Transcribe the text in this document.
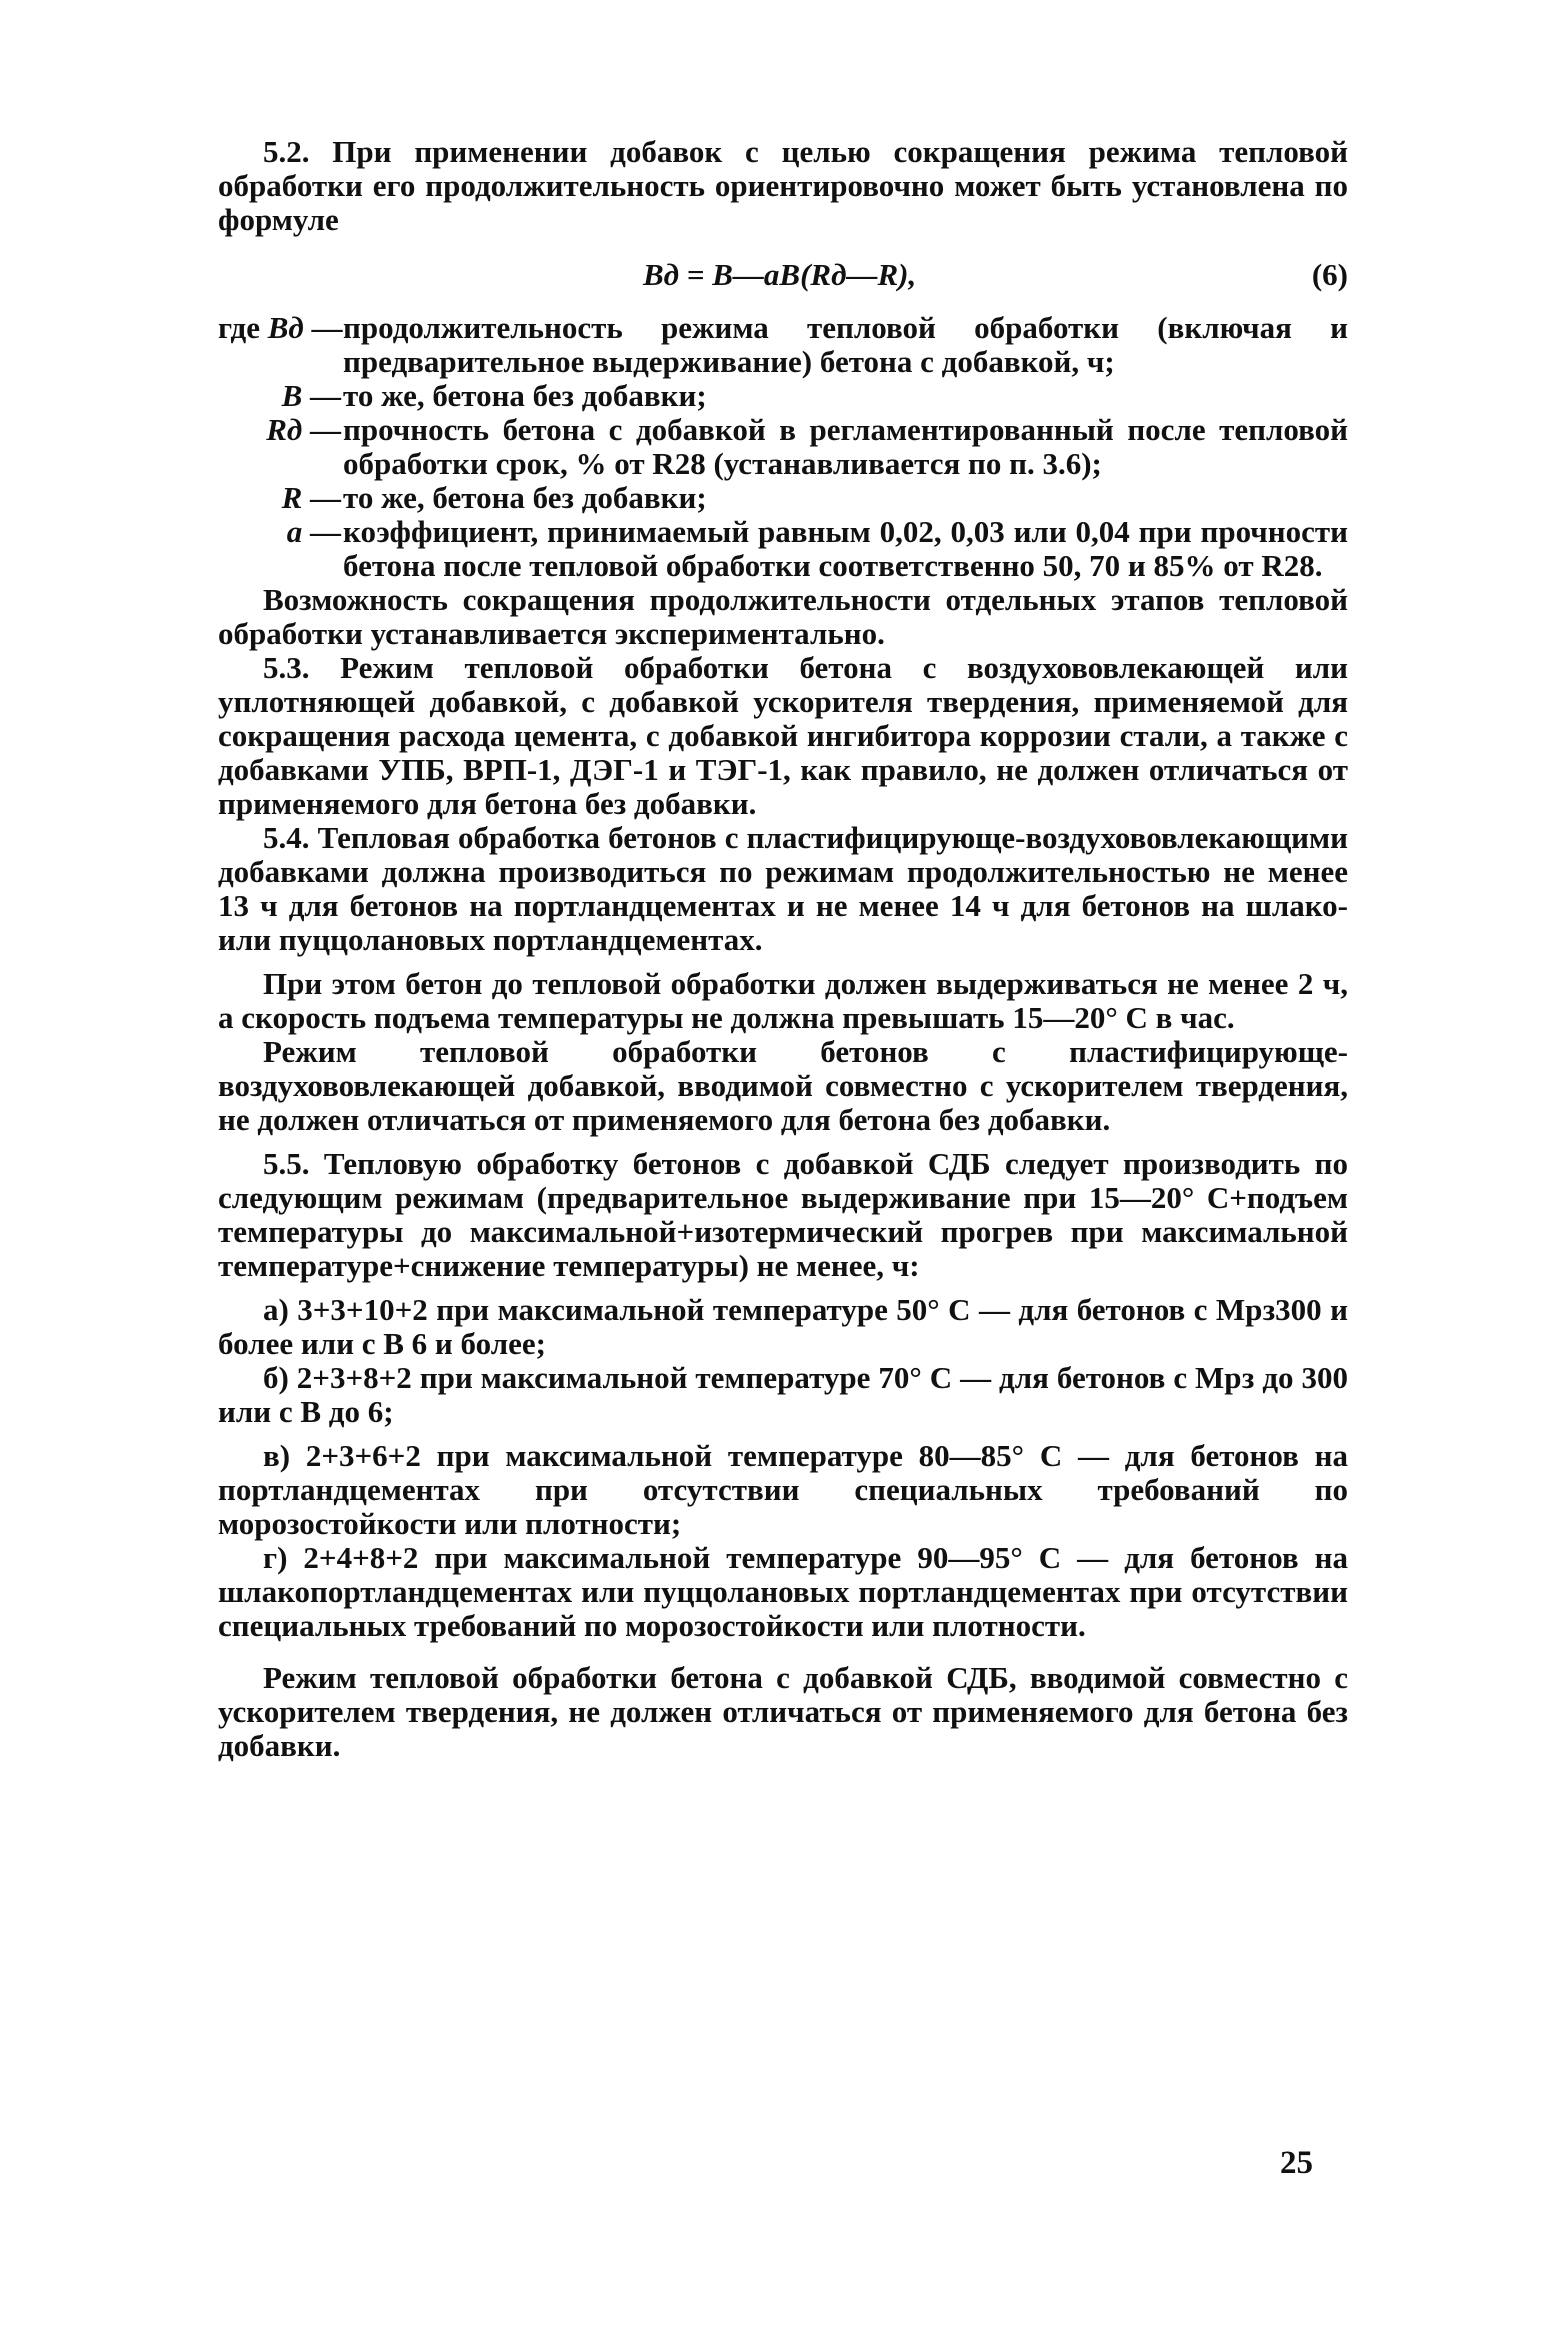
5.2. При применении добавок с целью сокращения режима тепловой обработки его продолжительность ориентировочно может быть установлена по формуле

Bд = B—aB(Rд—R),	(6)

где Bд — продолжительность режима тепловой обработки (включая и предварительное выдерживание) бетона с добавкой, ч;

B — то же, бетона без добавки;

Rд — прочность бетона с добавкой в регламентированный после тепловой обработки срок, % от R28 (устанавливается по п. 3.6);

R — то же, бетона без добавки;

a — коэффициент, принимаемый равным 0,02, 0,03 или 0,04 при прочности бетона после тепловой обработки соответственно 50, 70 и 85% от R28.

Возможность сокращения продолжительности отдельных этапов тепловой обработки устанавливается экспериментально.

5.3. Режим тепловой обработки бетона с воздухововлекающей или уплотняющей добавкой, с добавкой ускорителя твердения, применяемой для сокращения расхода цемента, с добавкой ингибитора коррозии стали, а также с добавками УПБ, ВРП-1, ДЭГ-1 и ТЭГ-1, как правило, не должен отличаться от применяемого для бетона без добавки.

5.4. Тепловая обработка бетонов с пластифицирующе-воздухововлекающими добавками должна производиться по режимам продолжительностью не менее 13 ч для бетонов на портландцементах и не менее 14 ч для бетонов на шлако- или пуццолановых портландцементах.

При этом бетон до тепловой обработки должен выдерживаться не менее 2 ч, а скорость подъема температуры не должна превышать 15—20° С в час.

Режим тепловой обработки бетонов с пластифицирующе-воздухововлекающей добавкой, вводимой совместно с ускорителем твердения, не должен отличаться от применяемого для бетона без добавки.

5.5. Тепловую обработку бетонов с добавкой СДБ следует производить по следующим режимам (предварительное выдерживание при 15—20° С+подъем температуры до максимальной+изотермический прогрев при максимальной температуре+снижение температуры) не менее, ч:

а) 3+3+10+2 при максимальной температуре 50° С — для бетонов с Мрз300 и более или с В 6 и более;

б) 2+3+8+2 при максимальной температуре 70° С — для бетонов с Мрз до 300 или с В до 6;

в) 2+3+6+2 при максимальной температуре 80—85° С — для бетонов на портландцементах при отсутствии специальных требований по морозостойкости или плотности;

г) 2+4+8+2 при максимальной температуре 90—95° С — для бетонов на шлакопортландцементах или пуццолановых портландцементах при отсутствии специальных требований по морозостойкости или плотности.

Режим тепловой обработки бетона с добавкой СДБ, вводимой совместно с ускорителем твердения, не должен отличаться от применяемого для бетона без добавки.

25
